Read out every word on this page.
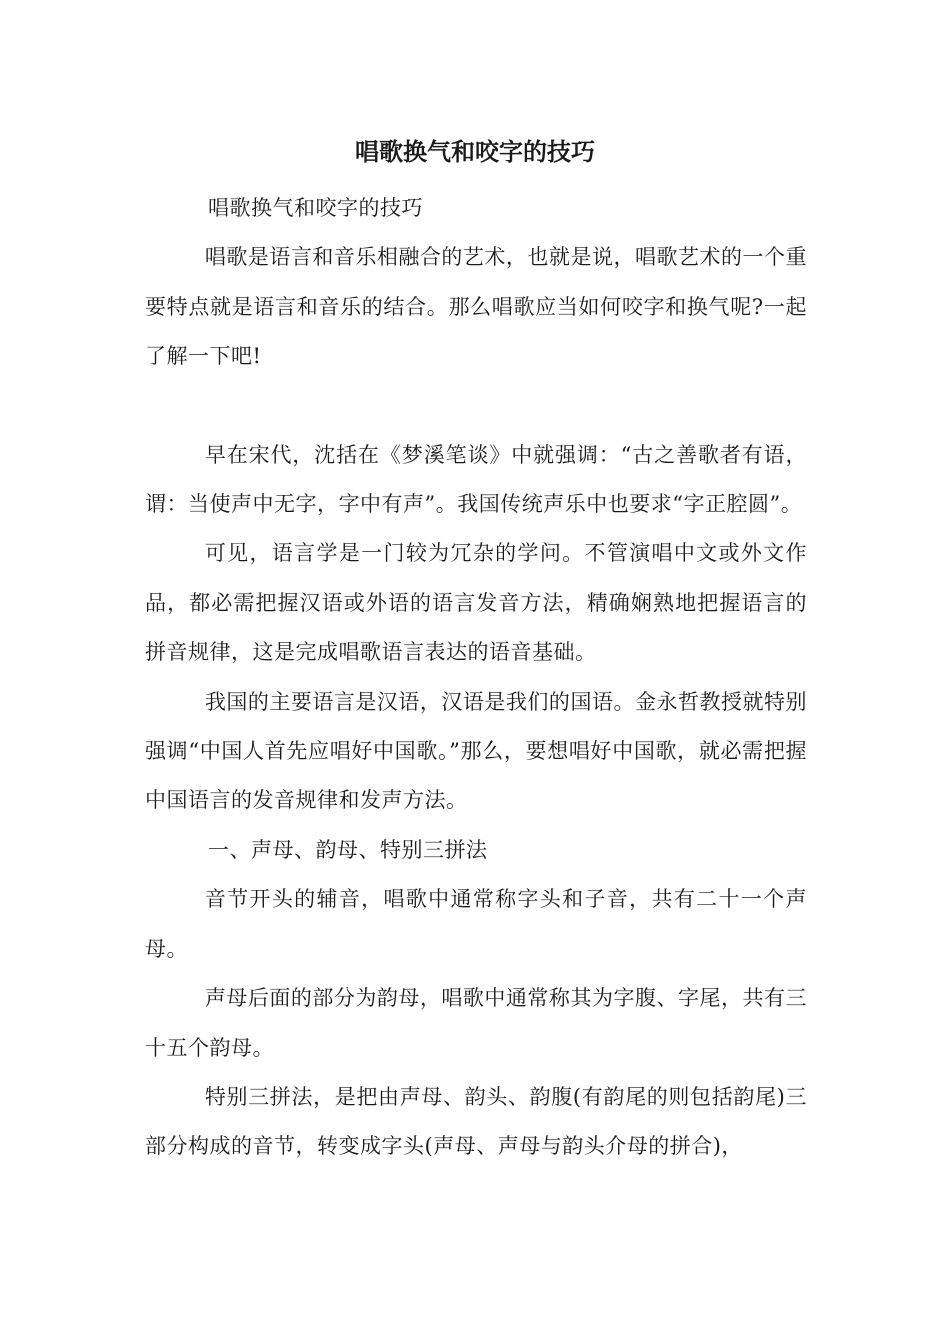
唱歌换气和咬字的技巧

唱歌换气和咬字的技巧

唱歌是语言和音乐相融合的艺术，也就是说，唱歌艺术的一个重要特点就是语言和音乐的结合。那么唱歌应当如何咬字和换气呢?一起了解一下吧!

早在宋代，沈括在《梦溪笔谈》中就强调：“古之善歌者有语，谓：当使声中无字，字中有声”。我国传统声乐中也要求“字正腔圆”。

可见，语言学是一门较为冗杂的学问。不管演唱中文或外文作品，都必需把握汉语或外语的语言发音方法，精确娴熟地把握语言的拼音规律，这是完成唱歌语言表达的语音基础。

我国的主要语言是汉语，汉语是我们的国语。金永哲教授就特别强调“中国人首先应唱好中国歌。”那么，要想唱好中国歌，就必需把握中国语言的发音规律和发声方法。

一、声母、韵母、特别三拼法

音节开头的辅音，唱歌中通常称字头和子音，共有二十一个声母。

声母后面的部分为韵母，唱歌中通常称其为字腹、字尾，共有三十五个韵母。

特别三拼法，是把由声母、韵头、韵腹(有韵尾的则包括韵尾)三部分构成的音节，转变成字头(声母、声母与韵头介母的拼合)，
